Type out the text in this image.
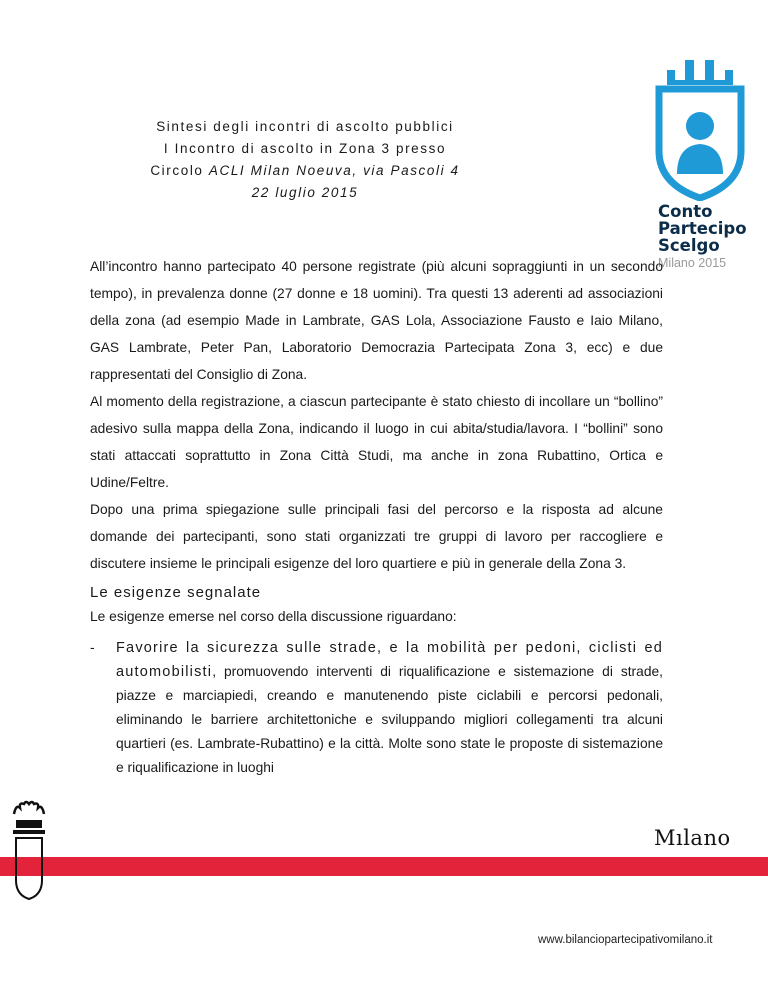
Sintesi degli incontri di ascolto pubblici
I Incontro di ascolto in Zona 3 presso
Circolo ACLI Milan Noeuva, via Pascoli 4
22 luglio 2015
Conto
Partecipo
Scelgo
Milano 2015

All’incontro hanno partecipato 40 persone registrate (più alcuni sopraggiunti in un secondo tempo), in prevalenza donne (27 donne e 18 uomini). Tra questi 13 aderenti ad associazioni della zona (ad esempio Made in Lambrate, GAS Lola, Associazione Fausto e Iaio Milano, GAS Lambrate, Peter Pan, Laboratorio Democrazia Partecipata Zona 3, ecc) e due rappresentati del Consiglio di Zona.

Al momento della registrazione, a ciascun partecipante è stato chiesto di incollare un “bollino” adesivo sulla mappa della Zona, indicando il luogo in cui abita/studia/lavora. I “bollini” sono stati attaccati soprattutto in Zona Città Studi, ma anche in zona Rubattino, Ortica e Udine/Feltre.

Dopo una prima spiegazione sulle principali fasi del percorso e la risposta ad alcune domande dei partecipanti, sono stati organizzati tre gruppi di lavoro per raccogliere e discutere insieme le principali esigenze del loro quartiere e più in generale della Zona 3.

Le esigenze segnalate
Le esigenze emerse nel corso della discussione riguardano:
- Favorire la sicurezza sulle strade, e la mobilità per pedoni, ciclisti ed automobilisti, promuovendo interventi di riqualificazione e sistemazione di strade, piazze e marciapiedi, creando e manutenendo piste ciclabili e percorsi pedonali, eliminando le barriere architettoniche e sviluppando migliori collegamenti tra alcuni quartieri (es. Lambrate-Rubattino) e la città. Molte sono state le proposte di sistemazione e riqualificazione in luoghi
Mılano
www.bilanciopartecipativomilano.it
